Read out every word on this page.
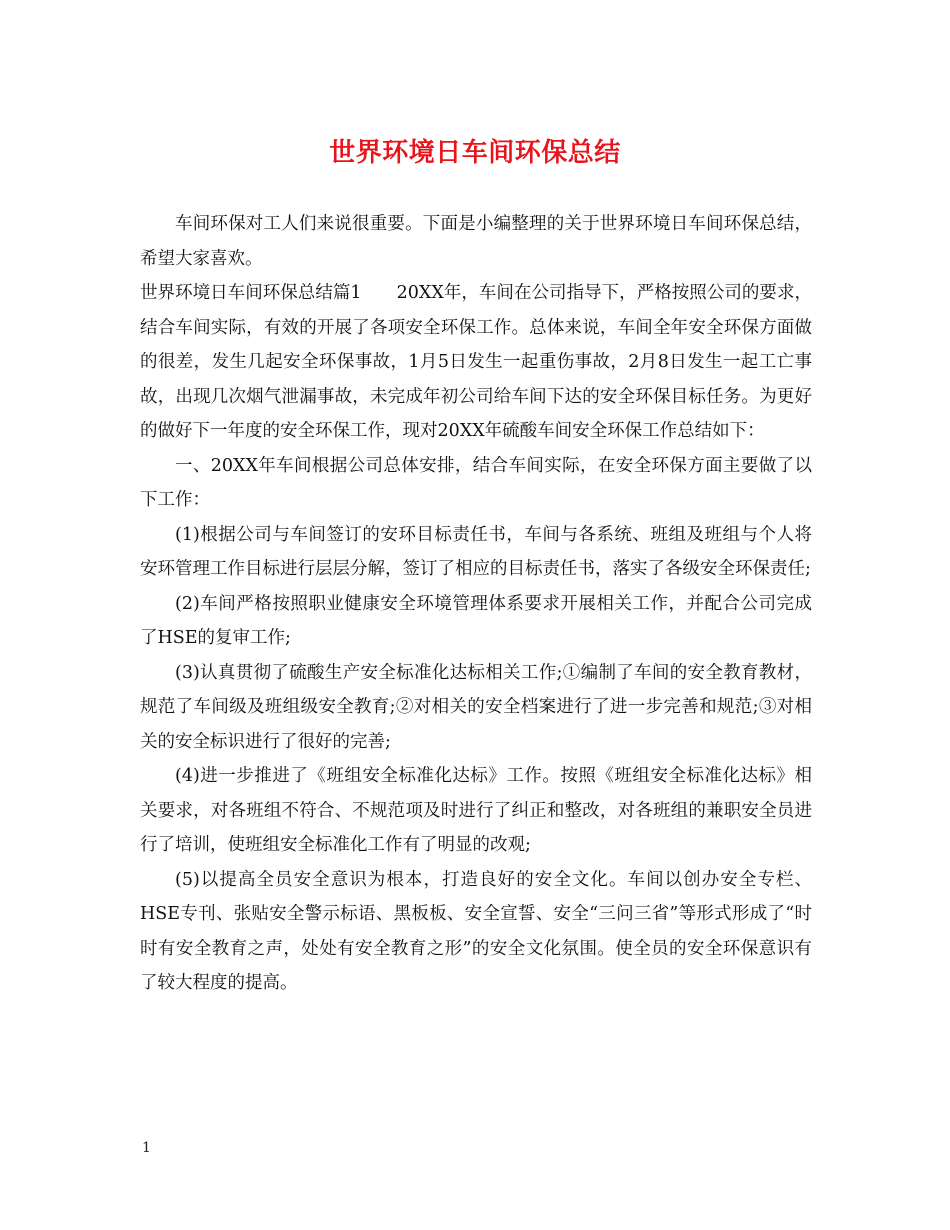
世界环境日车间环保总结

车间环保对工人们来说很重要。下面是小编整理的关于世界环境日车间环保总结，希望大家喜欢。

世界环境日车间环保总结篇1　　20XX年，车间在公司指导下，严格按照公司的要求，结合车间实际，有效的开展了各项安全环保工作。总体来说，车间全年安全环保方面做的很差，发生几起安全环保事故，1月5日发生一起重伤事故，2月8日发生一起工亡事故，出现几次烟气泄漏事故，未完成年初公司给车间下达的安全环保目标任务。为更好的做好下一年度的安全环保工作，现对20XX年硫酸车间安全环保工作总结如下：

一、20XX年车间根据公司总体安排，结合车间实际，在安全环保方面主要做了以下工作：

(1)根据公司与车间签订的安环目标责任书，车间与各系统、班组及班组与个人将安环管理工作目标进行层层分解，签订了相应的目标责任书，落实了各级安全环保责任;

(2)车间严格按照职业健康安全环境管理体系要求开展相关工作，并配合公司完成了HSE的复审工作;

(3)认真贯彻了硫酸生产安全标准化达标相关工作;①编制了车间的安全教育教材，规范了车间级及班组级安全教育;②对相关的安全档案进行了进一步完善和规范;③对相关的安全标识进行了很好的完善;

(4)进一步推进了《班组安全标准化达标》工作。按照《班组安全标准化达标》相关要求，对各班组不符合、不规范项及时进行了纠正和整改，对各班组的兼职安全员进行了培训，使班组安全标准化工作有了明显的改观;

(5)以提高全员安全意识为根本，打造良好的安全文化。车间以创办安全专栏、HSE专刊、张贴安全警示标语、黑板板、安全宣誓、安全“三问三省”等形式形成了“时时有安全教育之声，处处有安全教育之形”的安全文化氛围。使全员的安全环保意识有了较大程度的提高。

1
